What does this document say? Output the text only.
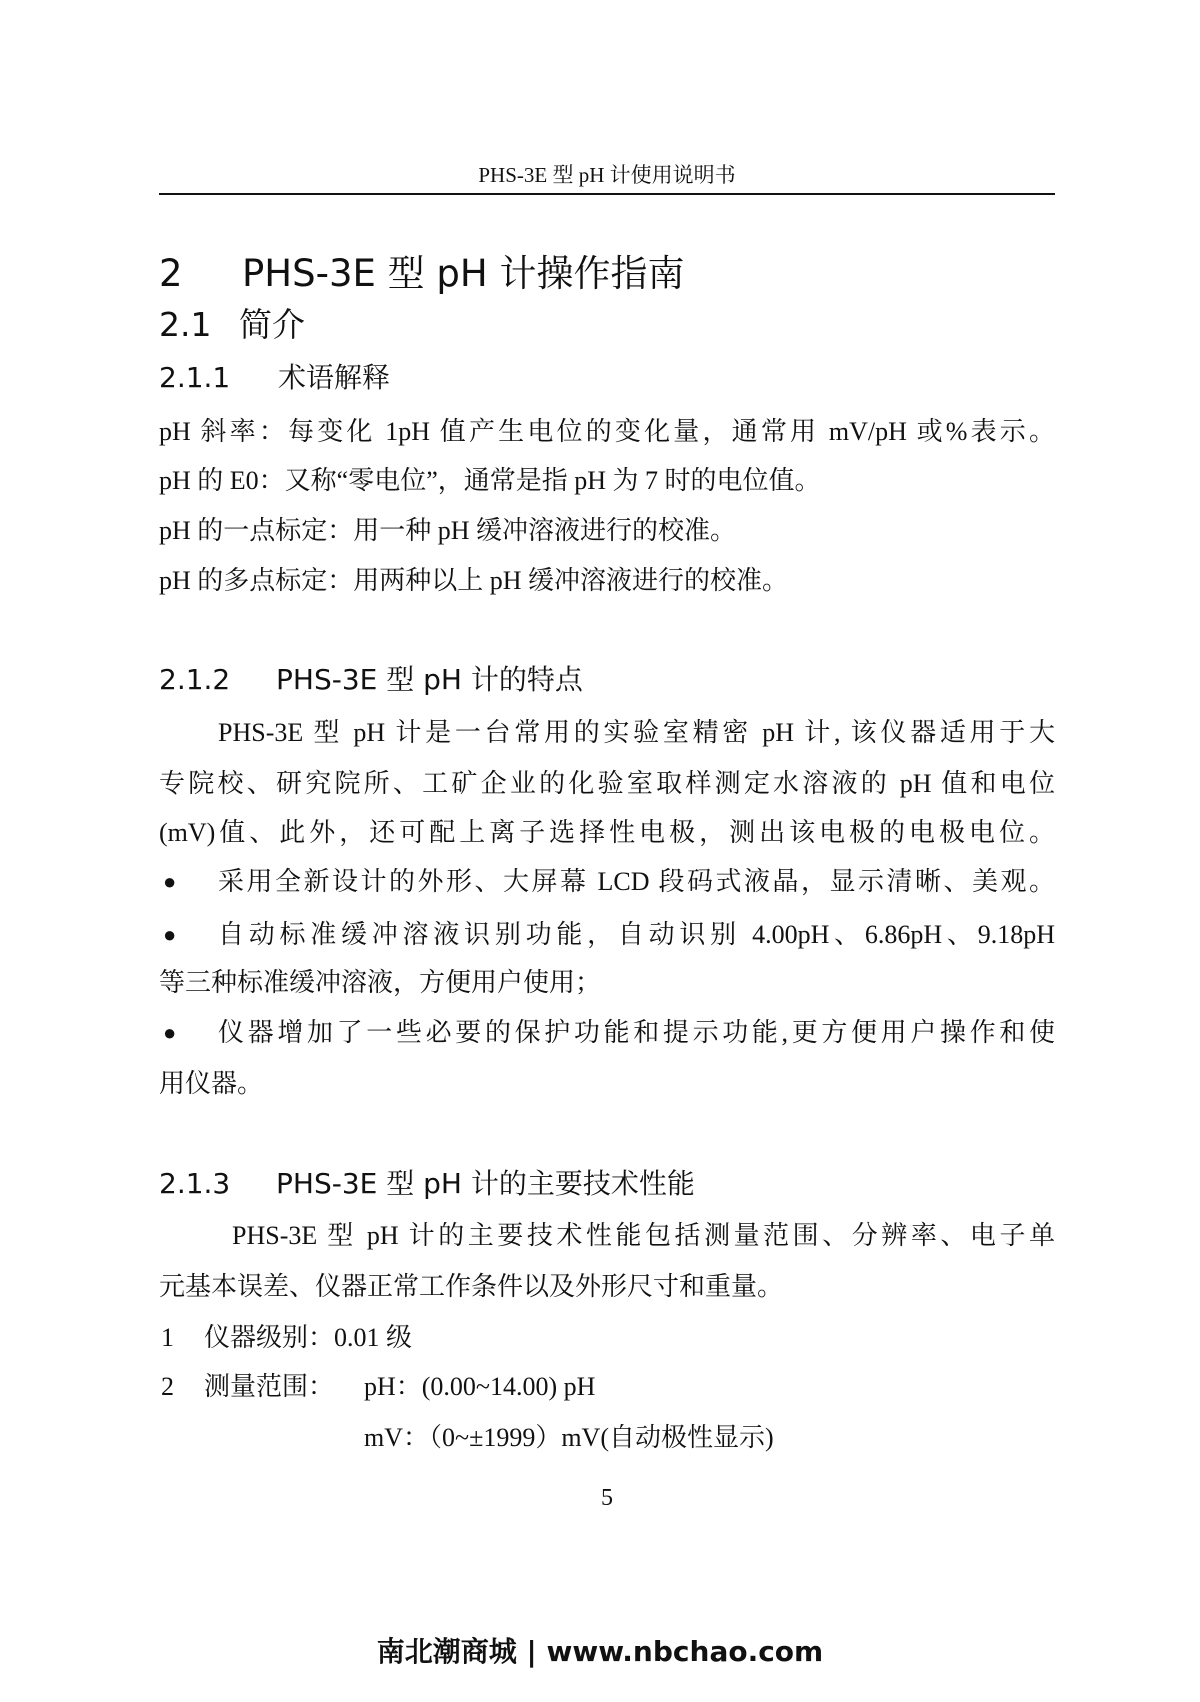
PHS-3E 型 pH 计使用说明书
2 PHS-3E 型 pH 计操作指南
2.1 简介
2.1.1 术语解释
pH 斜率：每变化 1pH 值产生电位的变化量，通常用 mV/pH 或%表示。
pH 的 E0：又称“零电位”，通常是指 pH 为 7 时的电位值。
pH 的一点标定：用一种 pH 缓冲溶液进行的校准。
pH 的多点标定：用两种以上 pH 缓冲溶液进行的校准。
2.1.2 PHS-3E 型 pH 计的特点
PHS-3E 型 pH 计是一台常用的实验室精密 pH 计, 该仪器适用于大
专院校、研究院所、工矿企业的化验室取样测定水溶液的 pH 值和电位
(mV)值、此外，还可配上离子选择性电极，测出该电极的电极电位。
●	采用全新设计的外形、大屏幕 LCD 段码式液晶，显示清晰、美观。
●	自动标准缓冲溶液识别功能，自动识别 4.00pH、6.86pH、9.18pH
等三种标准缓冲溶液，方便用户使用；
●	仪器增加了一些必要的保护功能和提示功能,更方便用户操作和使
用仪器。
2.1.3 PHS-3E 型 pH 计的主要技术性能
PHS-3E 型 pH 计的主要技术性能包括测量范围、分辨率、电子单
元基本误差、仪器正常工作条件以及外形尺寸和重量。
1 仪器级别：0.01 级
2 测量范围： pH：(0.00~14.00) pH
mV：（0~±1999）mV(自动极性显示)
5
南北潮商城 | www.nbchao.com
